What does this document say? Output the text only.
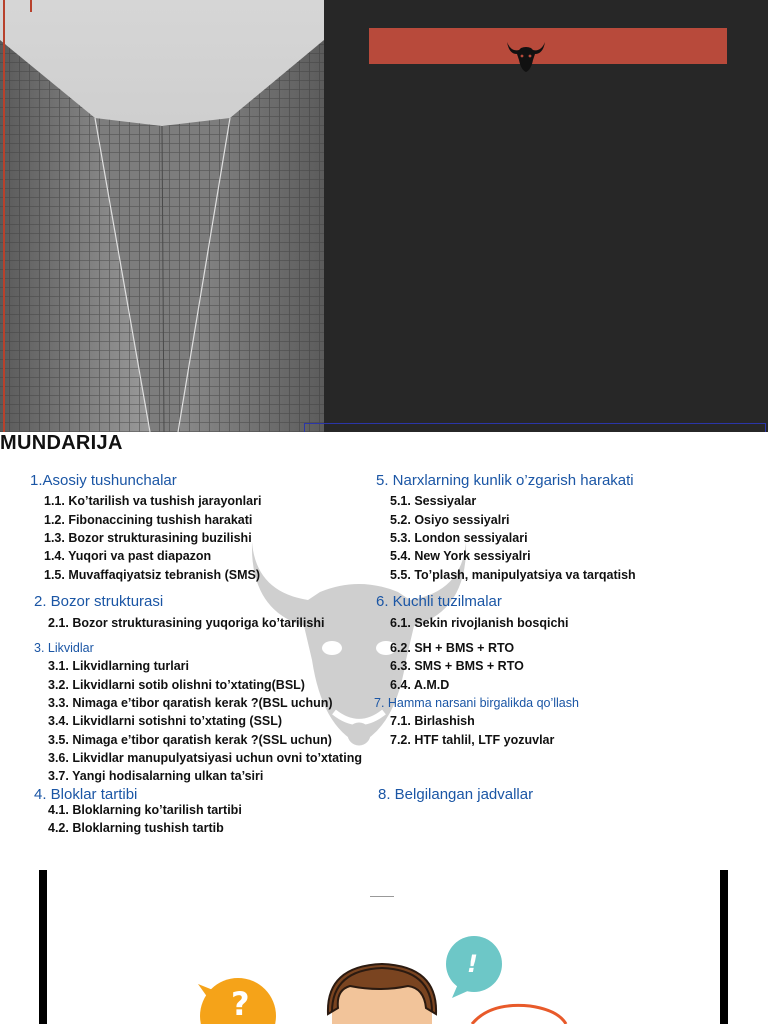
MUNDARIJA
1.Asosiy tushunchalar
1.1. Ko’tarilish va tushish jarayonlari
1.2. Fibonaccining tushish harakati
1.3. Bozor strukturasining buzilishi
1.4. Yuqori va past diapazon
1.5. Muvaffaqiyatsiz tebranish (SMS)
2. Bozor strukturasi
2.1. Bozor strukturasining yuqoriga ko’tarilishi
3. Likvidlar
3.1. Likvidlarning turlari
3.2. Likvidlarni sotib olishni to’xtating(BSL)
3.3. Nimaga e’tibor qaratish kerak ?(BSL uchun)
3.4. Likvidlarni sotishni to’xtating (SSL)
3.5. Nimaga e’tibor qaratish kerak ?(SSL uchun)
3.6. Likvidlar manupulyatsiyasi uchun ovni to’xtating
3.7. Yangi hodisalarning ulkan ta’siri
4. Bloklar tartibi
4.1. Bloklarning ko’tarilish tartibi
4.2. Bloklarning tushish tartib
5. Narxlarning kunlik o’zgarish harakati
5.1. Sessiyalar
5.2. Osiyo sessiyalri
5.3. London sessiyalari
5.4. New York sessiyalri
5.5. To’plash, manipulyatsiya va tarqatish
6. Kuchli tuzilmalar
6.1. Sekin rivojlanish bosqichi
6.2. SH + BMS + RTO
6.3. SMS + BMS + RTO
6.4. A.M.D
7. Hamma narsani birgalikda qo’llash
7.1. Birlashish
7.2. HTF tahlil, LTF yozuvlar
8. Belgilangan jadvallar
?
!
